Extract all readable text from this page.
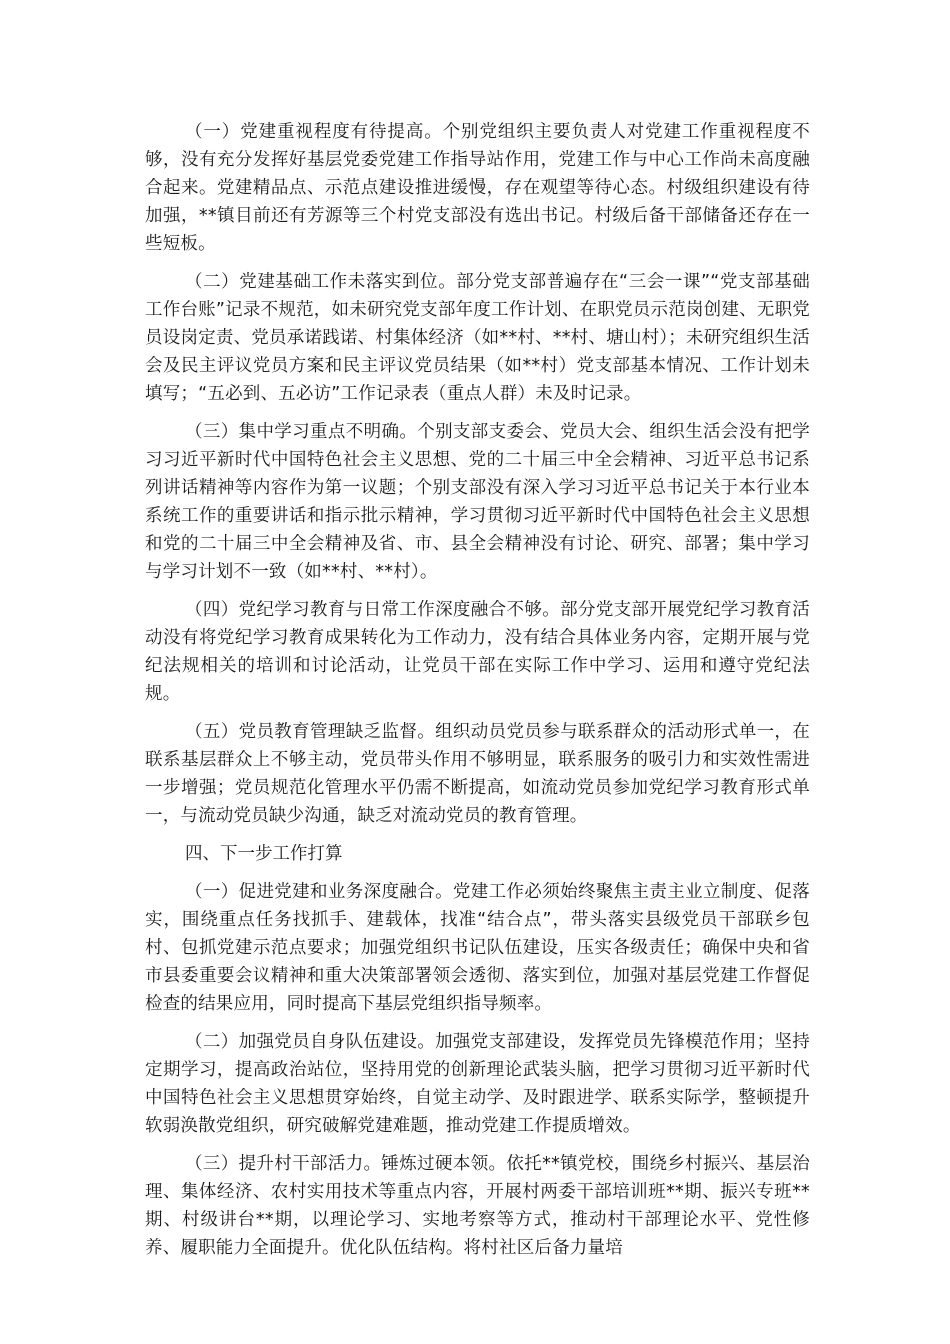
（一）党建重视程度有待提高。个别党组织主要负责人对党建工作重视程度不够，没有充分发挥好基层党委党建工作指导站作用，党建工作与中心工作尚未高度融合起来。党建精品点、示范点建设推进缓慢，存在观望等待心态。村级组织建设有待加强，**镇目前还有芳源等三个村党支部没有选出书记。村级后备干部储备还存在一些短板。

（二）党建基础工作未落实到位。部分党支部普遍存在“三会一课”“党支部基础工作台账”记录不规范，如未研究党支部年度工作计划、在职党员示范岗创建、无职党员设岗定责、党员承诺践诺、村集体经济（如**村、**村、塘山村）；未研究组织生活会及民主评议党员方案和民主评议党员结果（如**村）党支部基本情况、工作计划未填写；“五必到、五必访”工作记录表（重点人群）未及时记录。

（三）集中学习重点不明确。个别支部支委会、党员大会、组织生活会没有把学习习近平新时代中国特色社会主义思想、党的二十届三中全会精神、习近平总书记系列讲话精神等内容作为第一议题；个别支部没有深入学习习近平总书记关于本行业本系统工作的重要讲话和指示批示精神，学习贯彻习近平新时代中国特色社会主义思想和党的二十届三中全会精神及省、市、县全会精神没有讨论、研究、部署；集中学习与学习计划不一致（如**村、**村）。

（四）党纪学习教育与日常工作深度融合不够。部分党支部开展党纪学习教育活动没有将党纪学习教育成果转化为工作动力，没有结合具体业务内容，定期开展与党纪法规相关的培训和讨论活动，让党员干部在实际工作中学习、运用和遵守党纪法规。

（五）党员教育管理缺乏监督。组织动员党员参与联系群众的活动形式单一，在联系基层群众上不够主动，党员带头作用不够明显，联系服务的吸引力和实效性需进一步增强；党员规范化管理水平仍需不断提高，如流动党员参加党纪学习教育形式单一，与流动党员缺少沟通，缺乏对流动党员的教育管理。

四、下一步工作打算

（一）促进党建和业务深度融合。党建工作必须始终聚焦主责主业立制度、促落实，围绕重点任务找抓手、建载体，找准“结合点”，带头落实县级党员干部联乡包村、包抓党建示范点要求；加强党组织书记队伍建设，压实各级责任；确保中央和省市县委重要会议精神和重大决策部署领会透彻、落实到位，加强对基层党建工作督促检查的结果应用，同时提高下基层党组织指导频率。

（二）加强党员自身队伍建设。加强党支部建设，发挥党员先锋模范作用；坚持定期学习，提高政治站位，坚持用党的创新理论武装头脑，把学习贯彻习近平新时代中国特色社会主义思想贯穿始终，自觉主动学、及时跟进学、联系实际学，整顿提升软弱涣散党组织，研究破解党建难题，推动党建工作提质增效。

（三）提升村干部活力。锤炼过硬本领。依托**镇党校，围绕乡村振兴、基层治理、集体经济、农村实用技术等重点内容，开展村两委干部培训班**期、振兴专班**期、村级讲台**期，以理论学习、实地考察等方式，推动村干部理论水平、党性修养、履职能力全面提升。优化队伍结构。将村社区后备力量培
